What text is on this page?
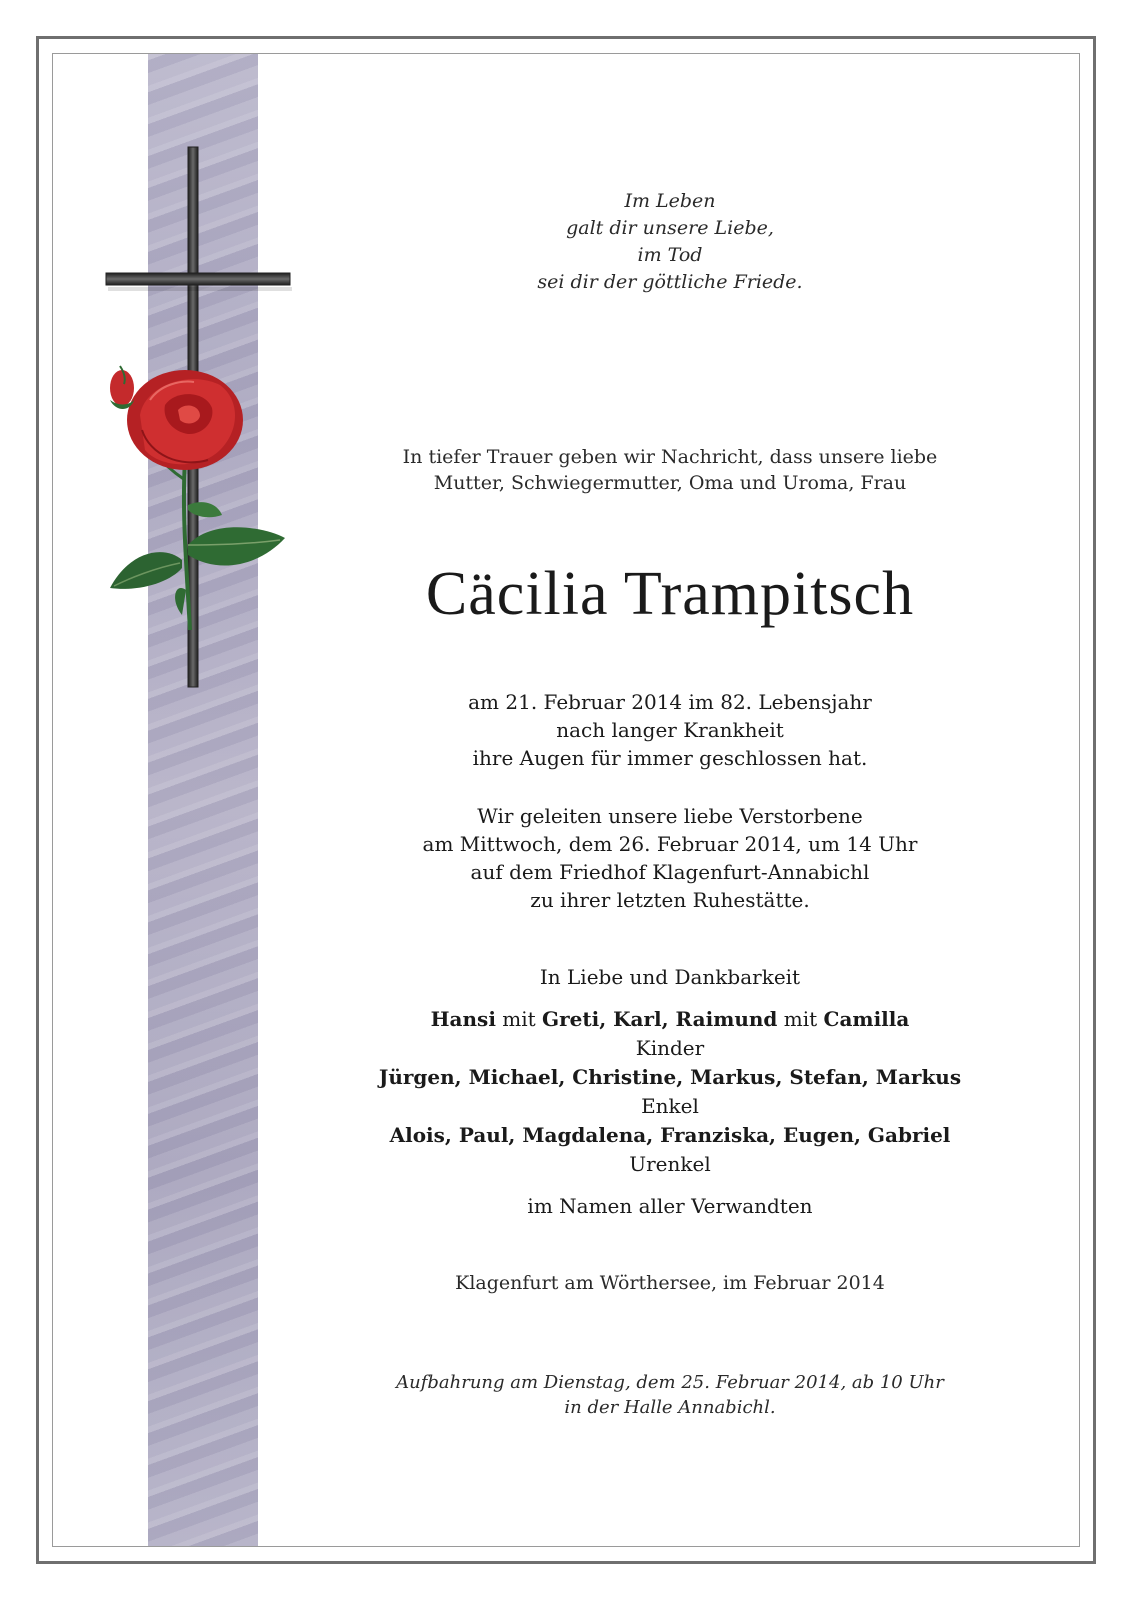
Im Leben
galt dir unsere Liebe,
im Tod
sei dir der göttliche Friede.
In tiefer Trauer geben wir Nachricht, dass unsere liebe
Mutter, Schwiegermutter, Oma und Uroma, Frau
Cäcilia Trampitsch
am 21. Februar 2014 im 82. Lebensjahr
nach langer Krankheit
ihre Augen für immer geschlossen hat.
Wir geleiten unsere liebe Verstorbene
am Mittwoch, dem 26. Februar 2014, um 14 Uhr
auf dem Friedhof Klagenfurt-Annabichl
zu ihrer letzten Ruhestätte.
In Liebe und Dankbarkeit
Hansi mit Greti, Karl, Raimund mit Camilla
Kinder
Jürgen, Michael, Christine, Markus, Stefan, Markus
Enkel
Alois, Paul, Magdalena, Franziska, Eugen, Gabriel
Urenkel
im Namen aller Verwandten
Klagenfurt am Wörthersee, im Februar 2014
Aufbahrung am Dienstag, dem 25. Februar 2014, ab 10 Uhr
in der Halle Annabichl.
